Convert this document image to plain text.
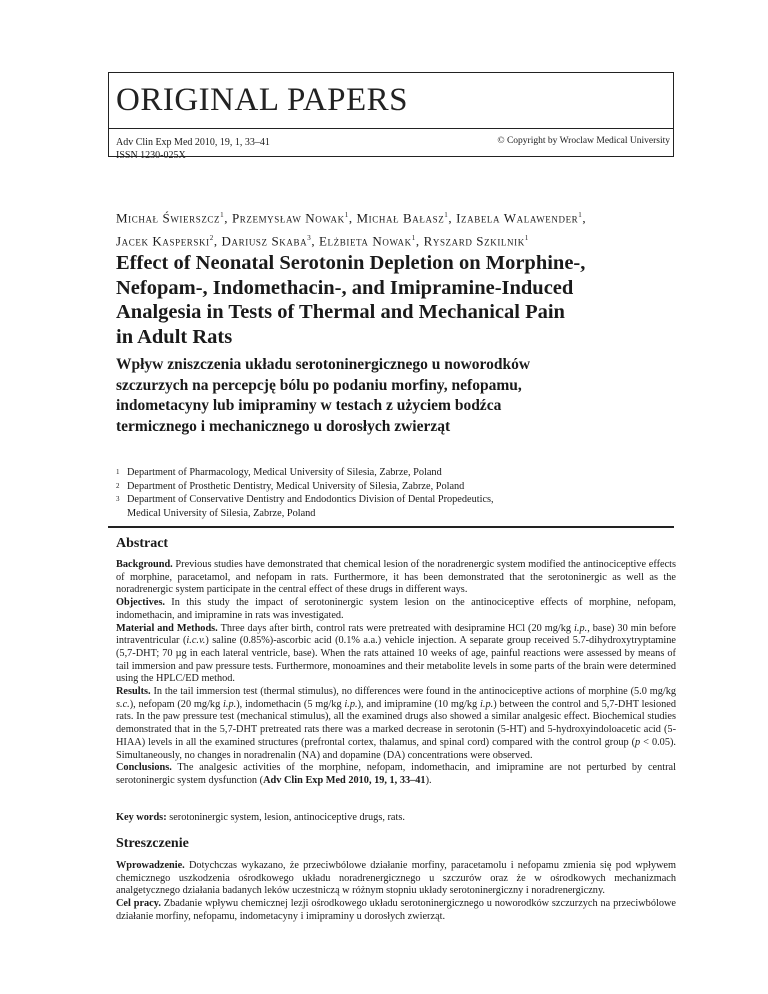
ORIGINAL PAPERS
Adv Clin Exp Med 2010, 19, 1, 33–41
ISSN 1230-025X
© Copyright by Wroclaw Medical University
Michał Świerszcz$^1$, Przemysław Nowak$^1$, Michał Bałasz$^1$, Izabela Walawender$^1$,
Jacek Kasperski$^2$, Dariusz Skaba$^3$, Elżbieta Nowak$^1$, Ryszard Szkilnik$^1$
Effect of Neonatal Serotonin Depletion on Morphine-,
Nefopam-, Indomethacin-, and Imipramine-Induced
Analgesia in Tests of Thermal and Mechanical Pain
in Adult Rats
Wpływ zniszczenia układu serotoninergicznego u noworodków
szczurzych na percepcję bólu po podaniu morfiny, nefopamu,
indometacyny lub imipraminy w testach z użyciem bodźca
termicznego i mechanicznego u dorosłych zwierząt
1 Department of Pharmacology, Medical University of Silesia, Zabrze, Poland
2 Department of Prosthetic Dentistry, Medical University of Silesia, Zabrze, Poland
3 Department of Conservative Dentistry and Endodontics Division of Dental Propedeutics,
Medical University of Silesia, Zabrze, Poland
Abstract

Background. Previous studies have demonstrated that chemical lesion of the noradrenergic system modified the antinociceptive effects of morphine, paracetamol, and nefopam in rats. Furthermore, it has been demonstrated that the serotoninergic as well as the noradrenergic system participate in the central effect of these drugs in different ways.

Objectives. In this study the impact of serotoninergic system lesion on the antinociceptive effects of morphine, nefopam, indomethacin, and imipramine in rats was investigated.

Material and Methods. Three days after birth, control rats were pretreated with desipramine HCl (20 mg/kg i.p., base) 30 min before intraventricular (i.c.v.) saline (0.85%)-ascorbic acid (0.1% a.a.) vehicle injection. A separate group received 5.7-dihydroxytryptamine (5,7-DHT; 70 µg in each lateral ventricle, base). When the rats attained 10 weeks of age, painful reactions were assessed by means of tail immersion and paw pressure tests. Furthermore, monoamines and their metabolite levels in some parts of the brain were determined using the HPLC/ED method.

Results. In the tail immersion test (thermal stimulus), no differences were found in the antinociceptive actions of morphine (5.0 mg/kg s.c.), nefopam (20 mg/kg i.p.), indomethacin (5 mg/kg i.p.), and imipramine (10 mg/kg i.p.) between the control and 5,7-DHT lesioned rats. In the paw pressure test (mechanical stimulus), all the examined drugs also showed a similar analgesic effect. Biochemical studies demonstrated that in the 5,7-DHT pretreated rats there was a marked decrease in serotonin (5-HT) and 5-hydroxyindoloacetic acid (5-HIAA) levels in all the examined structures (prefrontal cortex, thalamus, and spinal cord) compared with the control group (p < 0.05). Simultaneously, no changes in noradrenalin (NA) and dopamine (DA) concentrations were observed.

Conclusions. The analgesic activities of the morphine, nefopam, indomethacin, and imipramine are not perturbed by central serotoninergic system dysfunction (Adv Clin Exp Med 2010, 19, 1, 33–41).

Key words: serotoninergic system, lesion, antinociceptive drugs, rats.
Streszczenie

Wprowadzenie. Dotychczas wykazano, że przeciwbólowe działanie morfiny, paracetamolu i nefopamu zmienia się pod wpływem chemicznego uszkodzenia ośrodkowego układu noradrenergicznego u szczurów oraz że w ośrodkowych mechanizmach analgetycznego działania badanych leków uczestniczą w różnym stopniu układy serotoninergiczny i noradrenergiczny.

Cel pracy. Zbadanie wpływu chemicznej lezji ośrodkowego układu serotoninergicznego u noworodków szczurzych na przeciwbólowe działanie morfiny, nefopamu, indometacyny i imipraminy u dorosłych zwierząt.
